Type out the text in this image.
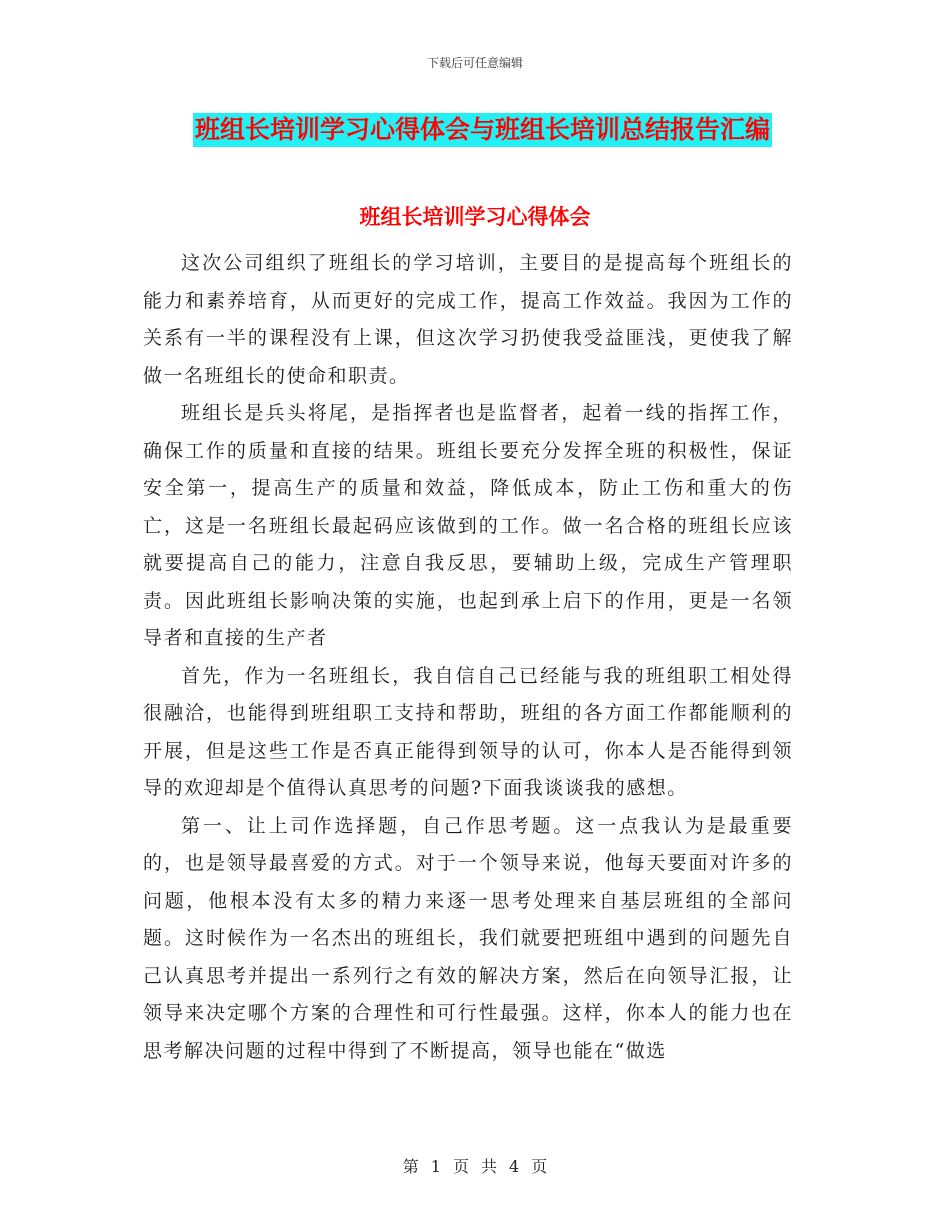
下载后可任意编辑
班组长培训学习心得体会与班组长培训总结报告汇编
班组长培训学习心得体会

这次公司组织了班组长的学习培训，主要目的是提高每个班组长的能力和素养培育，从而更好的完成工作，提高工作效益。我因为工作的关系有一半的课程没有上课，但这次学习扔使我受益匪浅，更使我了解做一名班组长的使命和职责。

班组长是兵头将尾，是指挥者也是监督者，起着一线的指挥工作，确保工作的质量和直接的结果。班组长要充分发挥全班的积极性，保证安全第一，提高生产的质量和效益，降低成本，防止工伤和重大的伤亡，这是一名班组长最起码应该做到的工作。做一名合格的班组长应该就要提高自己的能力，注意自我反思，要辅助上级，完成生产管理职责。因此班组长影响决策的实施，也起到承上启下的作用，更是一名领导者和直接的生产者

首先，作为一名班组长，我自信自己已经能与我的班组职工相处得很融洽，也能得到班组职工支持和帮助，班组的各方面工作都能顺利的开展，但是这些工作是否真正能得到领导的认可，你本人是否能得到领导的欢迎却是个值得认真思考的问题?下面我谈谈我的感想。

第一、让上司作选择题，自己作思考题。这一点我认为是最重要的，也是领导最喜爱的方式。对于一个领导来说，他每天要面对许多的问题，他根本没有太多的精力来逐一思考处理来自基层班组的全部问题。这时候作为一名杰出的班组长，我们就要把班组中遇到的问题先自己认真思考并提出一系列行之有效的解决方案，然后在向领导汇报，让领导来决定哪个方案的合理性和可行性最强。这样，你本人的能力也在思考解决问题的过程中得到了不断提高，领导也能在“做选

第 1 页 共 4 页
